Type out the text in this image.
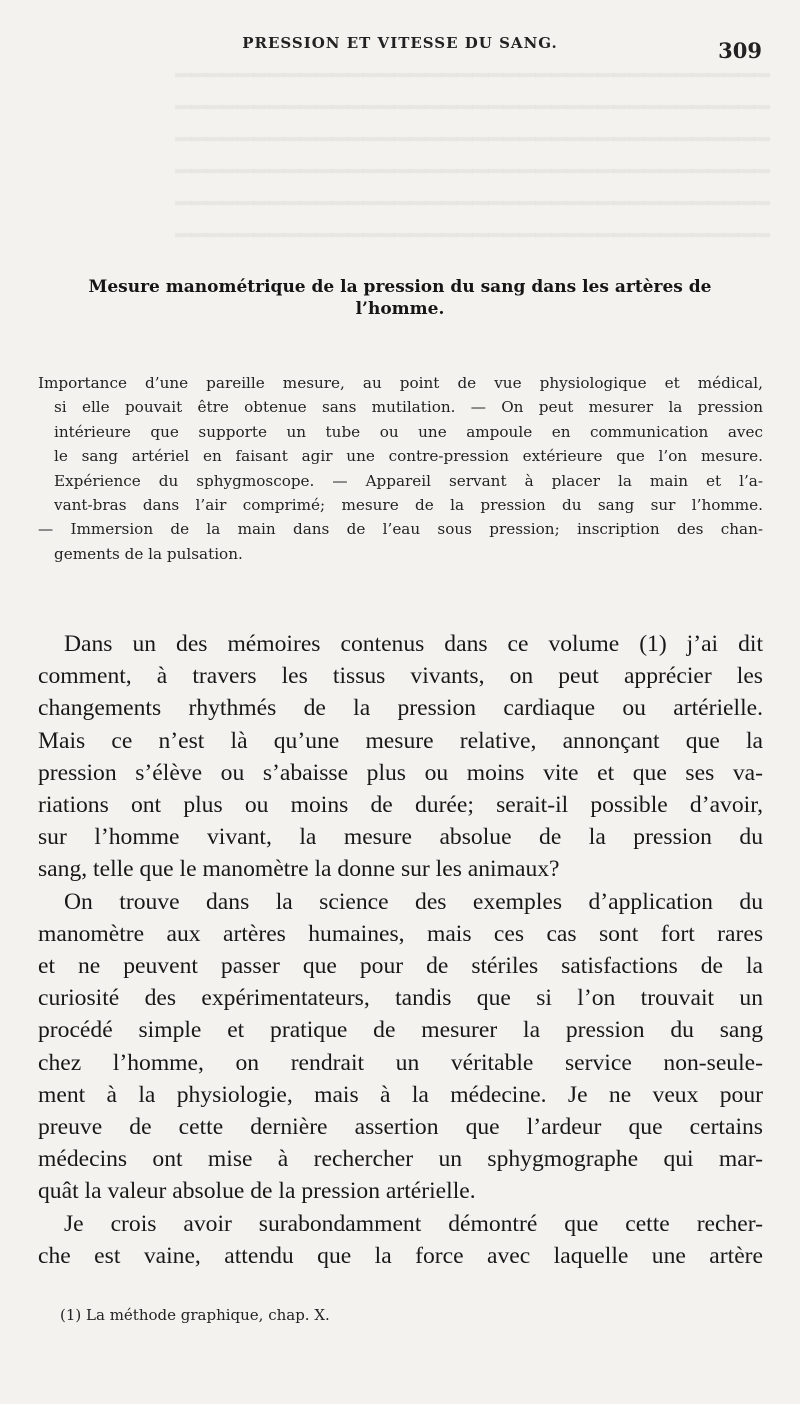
━━━━━━━━━━━━━━━━━━━━━━━━━━━━━━━━━━━━━━
━━━━━━━━━━━━━━━━━━━━━━━━━━━━━━━━━━━━━━
━━━━━━━━━━━━━━━━━━━━━━━━━━━━━━━━━━━━━━
━━━━━━━━━━━━━━━━━━━━━━━━━━━━━━━━━━━━━━
━━━━━━━━━━━━━━━━━━━━━━━━━━━━━━━━━━━━━━
━━━━━━━━━━━━━━━━━━━━━━━━━━━━━━━━━━━━━━
PRESSION ET VITESSE DU SANG.	309
Mesure manométrique de la pression du sang dans les artères de
l’homme.
Importance d’une pareille mesure, au point de vue physiologique et médical,
si elle pouvait être obtenue sans mutilation. — On peut mesurer la pression
intérieure que supporte un tube ou une ampoule en communication avec
le sang artériel en faisant agir une contre-pression extérieure que l’on mesure.
Expérience du sphygmoscope. — Appareil servant à placer la main et l’a-
vant-bras dans l’air comprimé; mesure de la pression du sang sur l’homme.
— Immersion de la main dans de l’eau sous pression; inscription des chan-
gements de la pulsation.
Dans un des mémoires contenus dans ce volume (1) j’ai dit
comment, à travers les tissus vivants, on peut apprécier les
changements rhythmés de la pression cardiaque ou artérielle.
Mais ce n’est là qu’une mesure relative, annonçant que la
pression s’élève ou s’abaisse plus ou moins vite et que ses va-
riations ont plus ou moins de durée; serait-il possible d’avoir,
sur l’homme vivant, la mesure absolue de la pression du
sang, telle que le manomètre la donne sur les animaux?
On trouve dans la science des exemples d’application du
manomètre aux artères humaines, mais ces cas sont fort rares
et ne peuvent passer que pour de stériles satisfactions de la
curiosité des expérimentateurs, tandis que si l’on trouvait un
procédé simple et pratique de mesurer la pression du sang
chez l’homme, on rendrait un véritable service non-seule-
ment à la physiologie, mais à la médecine. Je ne veux pour
preuve de cette dernière assertion que l’ardeur que certains
médecins ont mise à rechercher un sphygmographe qui mar-
quât la valeur absolue de la pression artérielle.
Je crois avoir surabondamment démontré que cette recher-
che est vaine, attendu que la force avec laquelle une artère
(1) La méthode graphique, chap. X.
